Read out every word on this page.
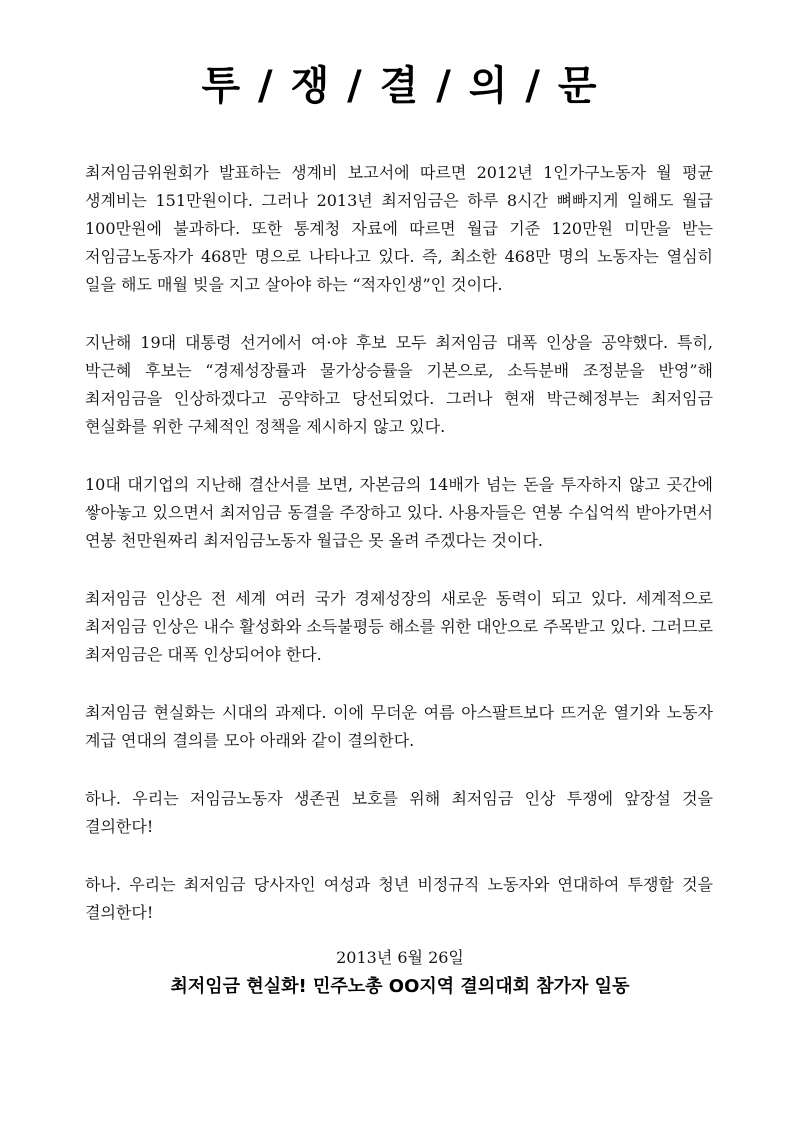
투 / 쟁 / 결 / 의 / 문

최저임금위원회가 발표하는 생계비 보고서에 따르면 2012년 1인가구노동자 월 평균 생계비는 151만원이다. 그러나 2013년 최저임금은 하루 8시간 뼈빠지게 일해도 월급 100만원에 불과하다. 또한 통계청 자료에 따르면 월급 기준 120만원 미만을 받는 저임금노동자가 468만 명으로 나타나고 있다. 즉, 최소한 468만 명의 노동자는 열심히 일을 해도 매월 빚을 지고 살아야 하는 “적자인생”인 것이다.

지난해 19대 대통령 선거에서 여·야 후보 모두 최저임금 대폭 인상을 공약했다. 특히, 박근혜 후보는 “경제성장률과 물가상승률을 기본으로, 소득분배 조정분을 반영”해 최저임금을 인상하겠다고 공약하고 당선되었다. 그러나 현재 박근혜정부는 최저임금 현실화를 위한 구체적인 정책을 제시하지 않고 있다.

10대 대기업의 지난해 결산서를 보면, 자본금의 14배가 넘는 돈을 투자하지 않고 곳간에 쌓아놓고 있으면서 최저임금 동결을 주장하고 있다. 사용자들은 연봉 수십억씩 받아가면서 연봉 천만원짜리 최저임금노동자 월급은 못 올려 주겠다는 것이다.

최저임금 인상은 전 세계 여러 국가 경제성장의 새로운 동력이 되고 있다. 세계적으로 최저임금 인상은 내수 활성화와 소득불평등 해소를 위한 대안으로 주목받고 있다. 그러므로 최저임금은 대폭 인상되어야 한다.

최저임금 현실화는 시대의 과제다. 이에 무더운 여름 아스팔트보다 뜨거운 열기와 노동자 계급 연대의 결의를 모아 아래와 같이 결의한다.

하나. 우리는 저임금노동자 생존권 보호를 위해 최저임금 인상 투쟁에 앞장설 것을 결의한다!

하나. 우리는 최저임금 당사자인 여성과 청년 비정규직 노동자와 연대하여 투쟁할 것을 결의한다!

2013년 6월 26일
최저임금 현실화! 민주노총 OO지역 결의대회 참가자 일동
